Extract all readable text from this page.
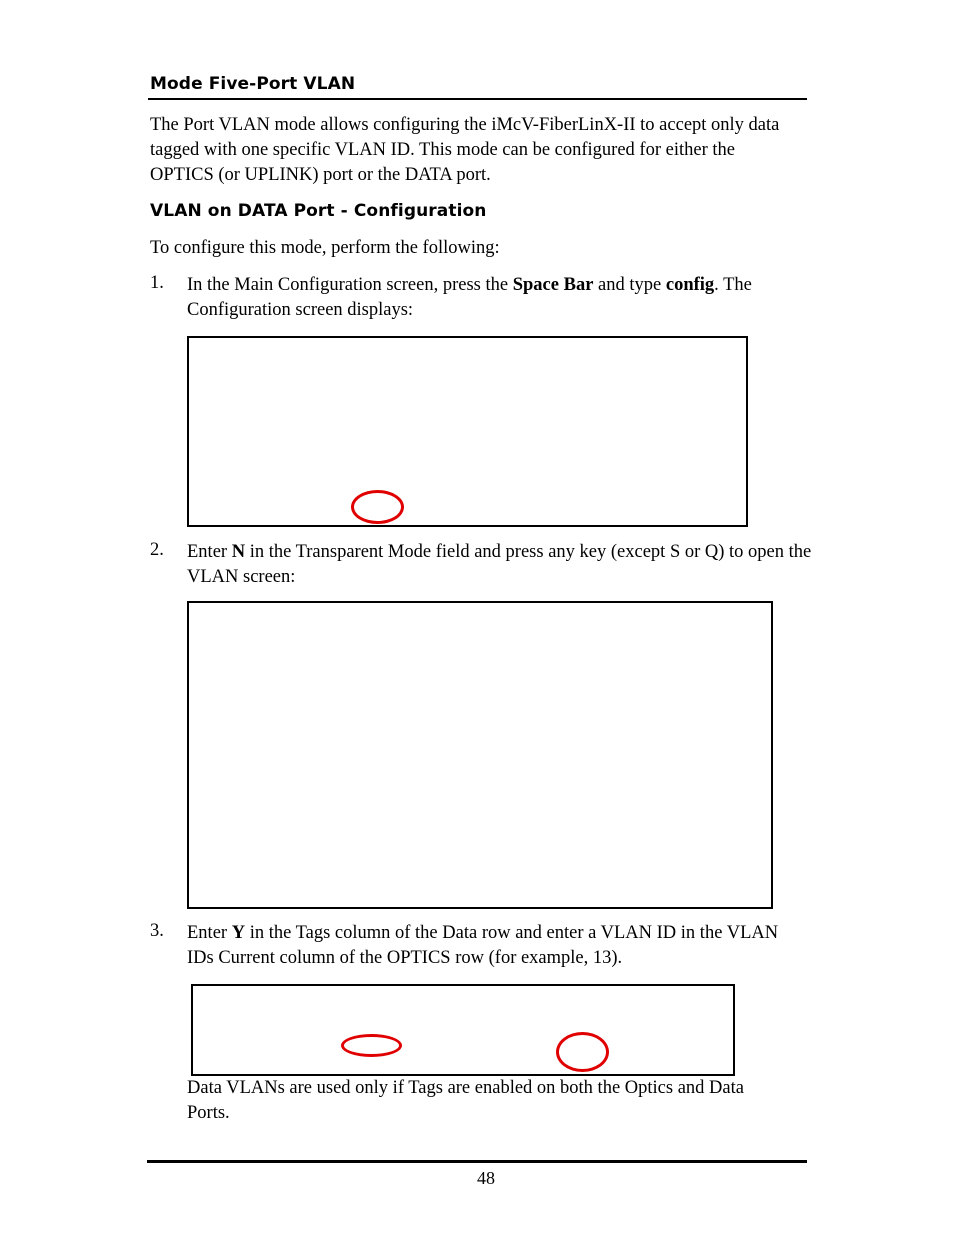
Mode Five-Port VLAN
The Port VLAN mode allows configuring the iMcV-FiberLinX-II to accept only data tagged with one specific VLAN ID. This mode can be configured for either the OPTICS (or UPLINK) port or the DATA port.
VLAN on DATA Port - Configuration
To configure this mode, perform the following:
1. In the Main Configuration screen, press the Space Bar and type config. The Configuration screen displays:
2. Enter N in the Transparent Mode field and press any key (except S or Q) to open the VLAN screen:
3. Enter Y in the Tags column of the Data row and enter a VLAN ID in the VLAN IDs Current column of the OPTICS row (for example, 13).
Data VLANs are used only if Tags are enabled on both the Optics and Data Ports.
48
